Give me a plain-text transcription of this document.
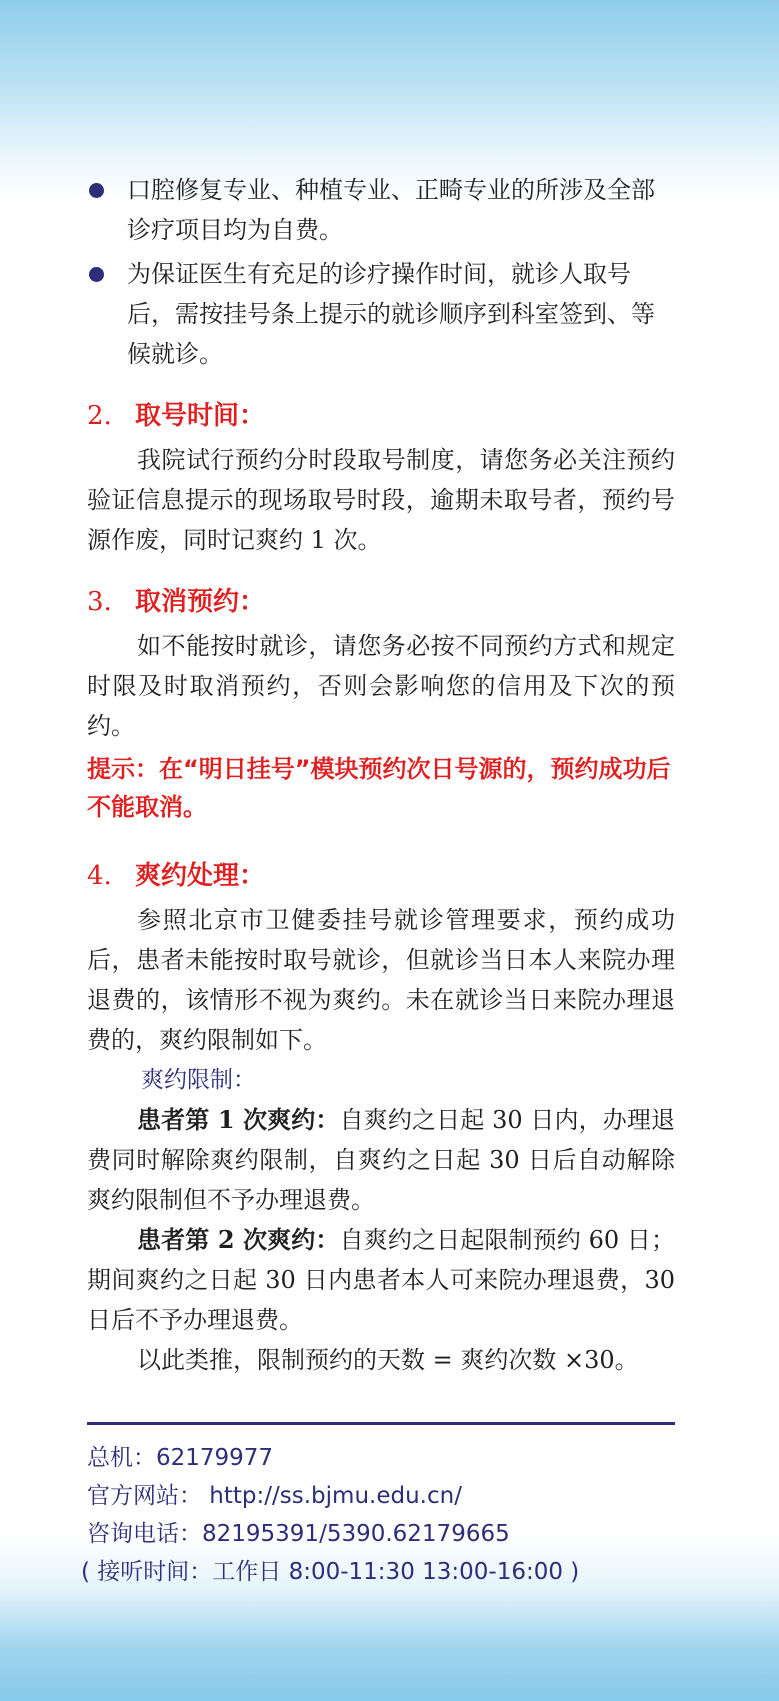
口腔修复专业、种植专业、正畸专业的所涉及全部诊疗项目均为自费。
为保证医生有充足的诊疗操作时间，就诊人取号后，需按挂号条上提示的就诊顺序到科室签到、等候就诊。
2. 取号时间：

我院试行预约分时段取号制度，请您务必关注预约验证信息提示的现场取号时段，逾期未取号者，预约号源作废，同时记爽约 1 次。

3. 取消预约：

如不能按时就诊，请您务必按不同预约方式和规定时限及时取消预约，否则会影响您的信用及下次的预约。

提示：在“明日挂号”模块预约次日号源的，预约成功后不能取消。

4. 爽约处理：

参照北京市卫健委挂号就诊管理要求，预约成功后，患者未能按时取号就诊，但就诊当日本人来院办理退费的，该情形不视为爽约。未在就诊当日来院办理退费的，爽约限制如下。

爽约限制：

患者第 1 次爽约：自爽约之日起 30 日内，办理退费同时解除爽约限制，自爽约之日起 30 日后自动解除爽约限制但不予办理退费。

患者第 2 次爽约：自爽约之日起限制预约 60 日；期间爽约之日起 30 日内患者本人可来院办理退费，30 日后不予办理退费。

以此类推，限制预约的天数 = 爽约次数 ×30。

总机：62179977

官方网站： http://ss.bjmu.edu.cn/

咨询电话：82195391/5390.62179665

( 接听时间：工作日 8:00-11:30 13:00-16:00 )
